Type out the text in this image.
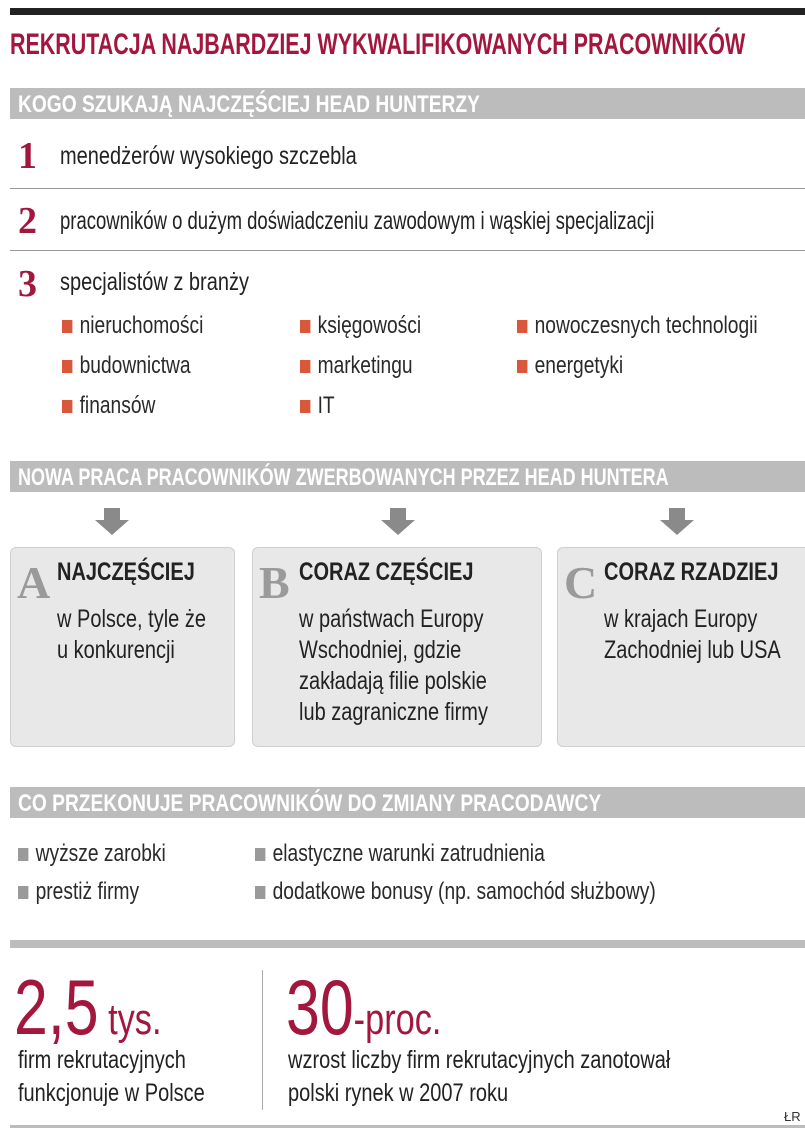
REKRUTACJA NAJBARDZIEJ WYKWALIFIKOWANYCH PRACOWNIKÓW
KOGO SZUKAJĄ NAJCZĘŚCIEJ HEAD HUNTERZY
1 menedżerów wysokiego szczebla
2 pracowników o dużym doświadczeniu zawodowym i wąskiej specjalizacji
3 specjalistów z branży
nieruchomości	księgowości	nowoczesnych technologii
budownictwa	marketingu	energetyki
finansów	IT
NOWA PRACA PRACOWNIKÓW ZWERBOWANYCH PRZEZ HEAD HUNTERA
A NAJCZĘŚCIEJ
w Polsce, tyle że
u konkurencji
B CORAZ CZĘŚCIEJ
w państwach Europy
Wschodniej, gdzie
zakładają filie polskie
lub zagraniczne firmy
C CORAZ RZADZIEJ
w krajach Europy
Zachodniej lub USA
CO PRZEKONUJE PRACOWNIKÓW DO ZMIANY PRACODAWCY
wyższe zarobki	elastyczne warunki zatrudnienia
prestiż firmy	dodatkowe bonusy (np. samochód służbowy)
2,5 tys.
firm rekrutacyjnych
funkcjonuje w Polsce
30-proc.
wzrost liczby firm rekrutacyjnych zanotował
polski rynek w 2007 roku
ŁR
